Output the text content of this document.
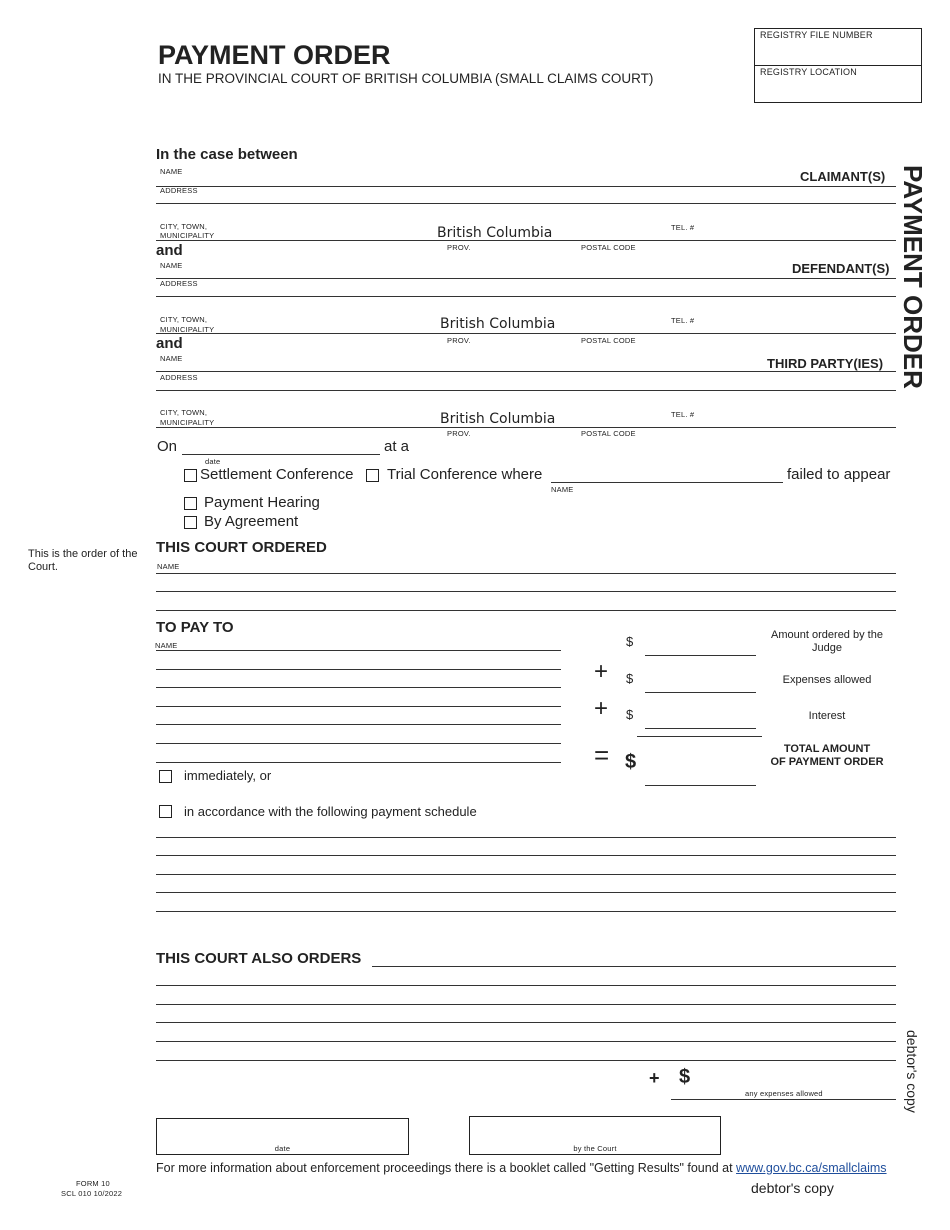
PAYMENT ORDER
IN THE PROVINCIAL COURT OF BRITISH COLUMBIA (SMALL CLAIMS COURT)
REGISTRY FILE NUMBER
REGISTRY LOCATION
PAYMENT ORDER
debtor's copy
This is the order of the Court.
In the case between
NAME	CLAIMANT(S)
ADDRESS
CITY, TOWN,
MUNICIPALITY	British Columbia	TEL. #
PROV.	POSTAL CODE
and
NAME	DEFENDANT(S)
ADDRESS
CITY, TOWN,
MUNICIPALITY	British Columbia	TEL. #
PROV.	POSTAL CODE
and
NAME	THIRD PARTY(IES)
ADDRESS
CITY, TOWN,
MUNICIPALITY	British Columbia	TEL. #
PROV.	POSTAL CODE
On	at a
date
Settlement Conference Trial Conference where	failed to appear
NAME
Payment Hearing
By Agreement
THIS COURT ORDERED
NAME
TO PAY TO
NAME
immediately, or
in accordance with the following payment schedule
$	Amount ordered by the
Judge
+ $	Expenses allowed
+ $	Interest
= $
TOTAL AMOUNT
OF PAYMENT ORDER
THIS COURT ALSO ORDERS
+ $
any expenses allowed
date	by the Court
For more information about enforcement proceedings there is a booklet called "Getting Results" found at www.gov.bc.ca/smallclaims
debtor's copy
FORM 10
SCL 010 10/2022
